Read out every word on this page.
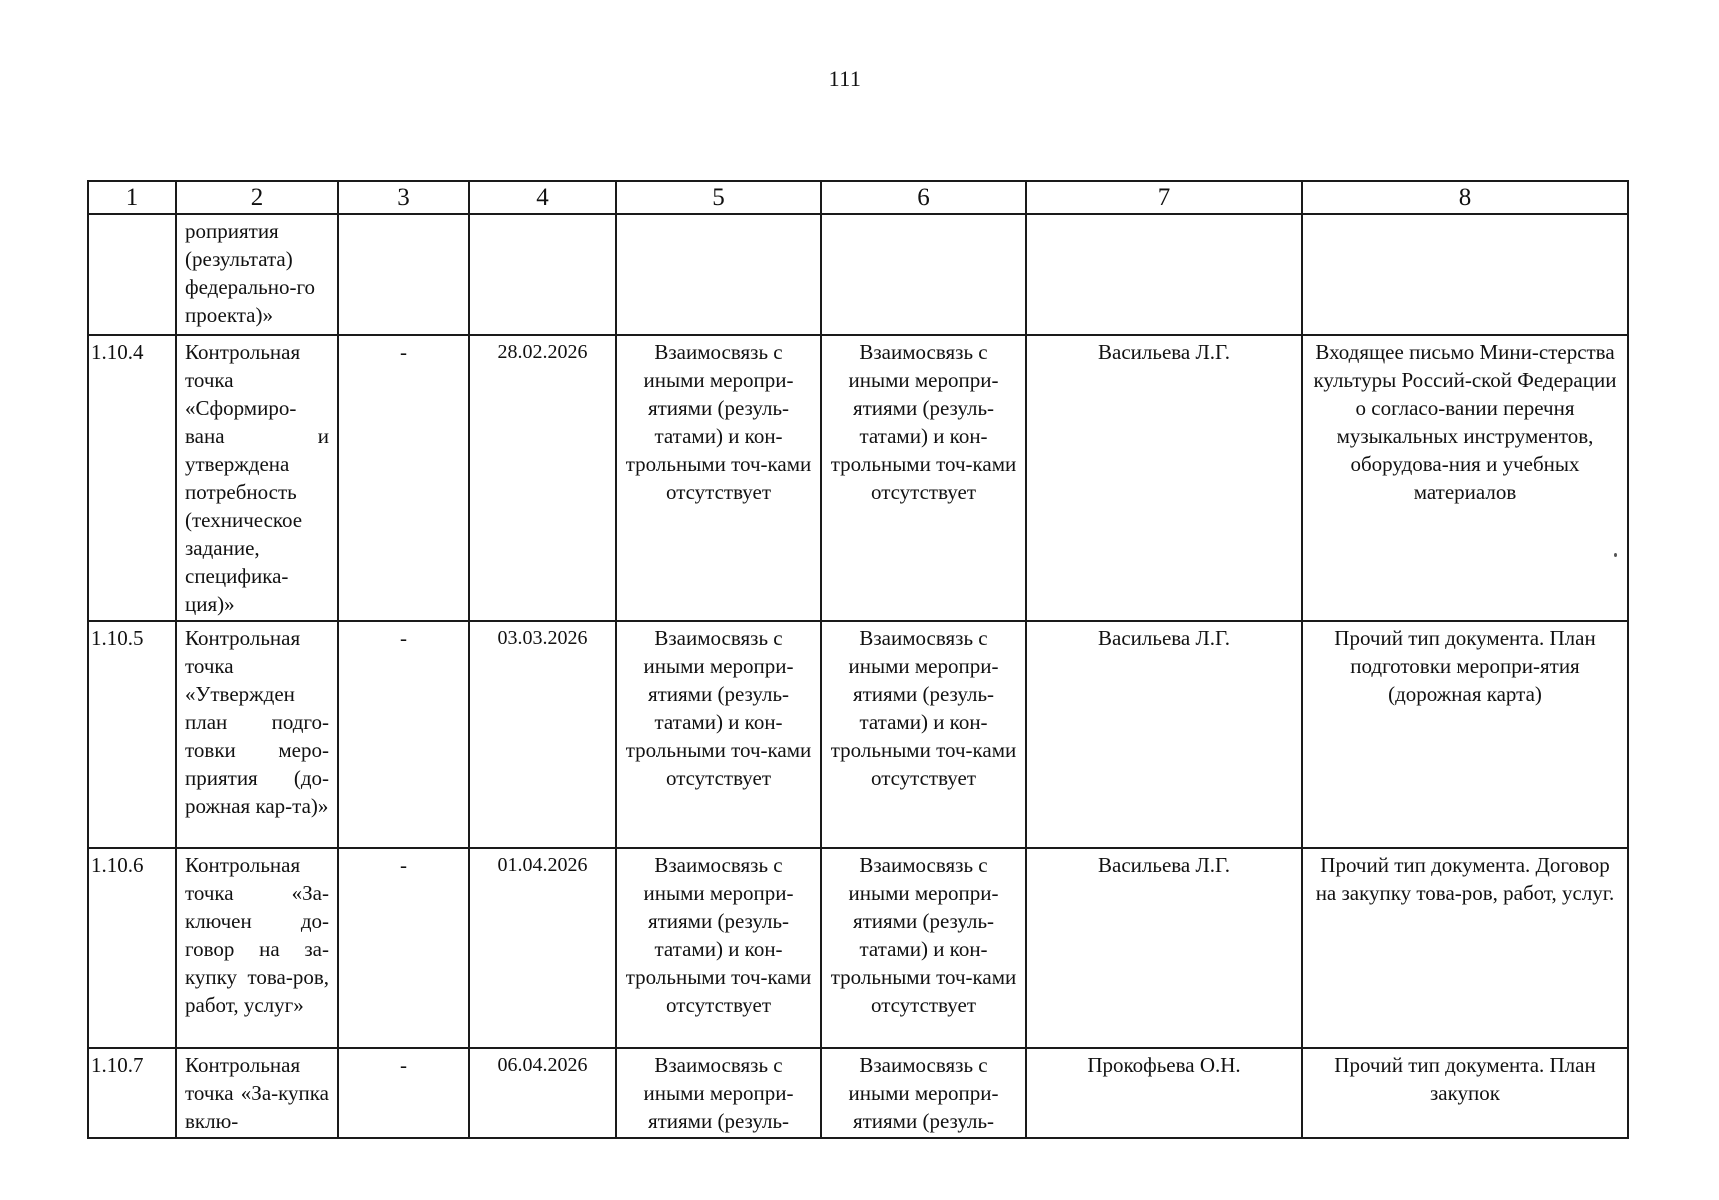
111
1	2	3	4	5	6	7	8
	роприятия (результата) федерально-го проекта)»						
1.10.4	Контрольная точка «Сформиро-вана и утверждена потребность (техническое задание, специфика-ция)»	-	28.02.2026	Взаимосвязь с иными меропри-ятиями (резуль-татами) и кон-трольными точ-ками отсутствует	Взаимосвязь с иными меропри-ятиями (резуль-татами) и кон-трольными точ-ками отсутствует	Васильева Л.Г.	Входящее письмо Мини-стерства культуры Россий-ской Федерации о согласо-вании перечня музыкальных инструментов, оборудова-ния и учебных материалов
1.10.5	Контрольная точка «Утвержден план подго-товки меро-приятия (до-рожная кар-та)»	-	03.03.2026	Взаимосвязь с иными меропри-ятиями (резуль-татами) и кон-трольными точ-ками отсутствует	Взаимосвязь с иными меропри-ятиями (резуль-татами) и кон-трольными точ-ками отсутствует	Васильева Л.Г.	Прочий тип документа. План подготовки меропри-ятия (дорожная карта)
1.10.6	Контрольная точка «За-ключен до-говор на за-купку това-ров, работ, услуг»	-	01.04.2026	Взаимосвязь с иными меропри-ятиями (резуль-татами) и кон-трольными точ-ками отсутствует	Взаимосвязь с иными меропри-ятиями (резуль-татами) и кон-трольными точ-ками отсутствует	Васильева Л.Г.	Прочий тип документа. Договор на закупку това-ров, работ, услуг.
1.10.7	Контрольная точка «За-купка вклю-	-	06.04.2026	Взаимосвязь с иными меропри-ятиями (резуль-	Взаимосвязь с иными меропри-ятиями (резуль-	Прокофьева О.Н.	Прочий тип документа. План закупок
